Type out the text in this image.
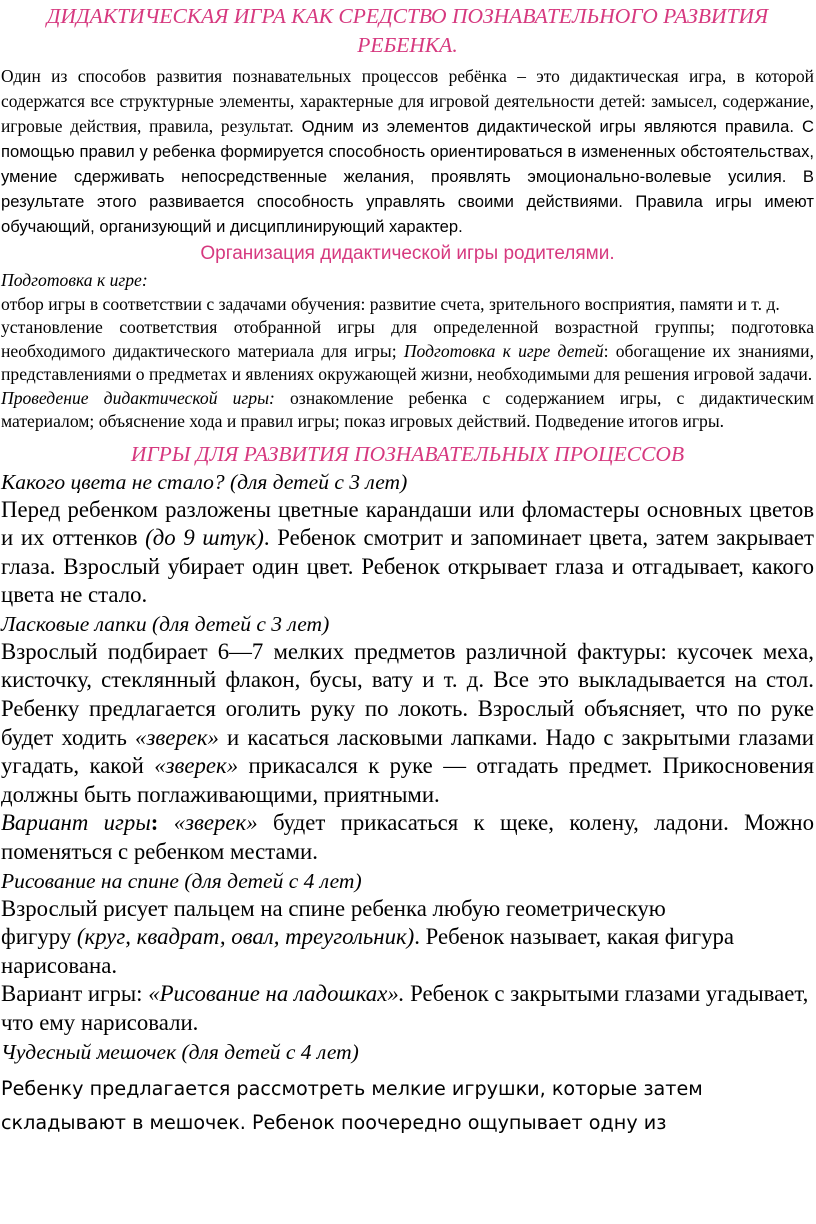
ДИДАКТИЧЕСКАЯ ИГРА КАК СРЕДСТВО ПОЗНАВАТЕЛЬНОГО РАЗВИТИЯ РЕБЕНКА.

Один из способов развития познавательных процессов ребёнка – это дидактическая игра, в которой содержатся все структурные элементы, характерные для игровой деятельности детей: замысел, содержание, игровые действия, правила, результат. Одним из элементов дидактической игры являются правила. С помощью правил у ребенка формируется способность ориентироваться в измененных обстоятельствах, умение сдерживать непосредственные желания, проявлять эмоционально-волевые усилия. В результате этого развивается способность управлять своими действиями. Правила игры имеют обучающий, организующий и дисциплинирующий характер.

Организация дидактической игры родителями.

Подготовка к игре:

отбор игры в соответствии с задачами обучения: развитие счета, зрительного восприятия, памяти и т. д.

установление соответствия отобранной игры для определенной возрастной группы; подготовка необходимого дидактического материала для игры; Подготовка к игре детей: обогащение их знаниями, представлениями о предметах и явлениях окружающей жизни, необходимыми для решения игровой задачи.

Проведение дидактической игры: ознакомление ребенка с содержанием игры, с дидактическим материалом; объяснение хода и правил игры; показ игровых действий. Подведение итогов игры.

ИГРЫ ДЛЯ РАЗВИТИЯ ПОЗНАВАТЕЛЬНЫХ ПРОЦЕССОВ

Какого цвета не стало? (для детей с 3 лет)

Перед ребенком разложены цветные карандаши или фломастеры основных цветов и их оттенков (до 9 штук). Ребенок смотрит и запоминает цвета, затем закрывает глаза. Взрослый убирает один цвет. Ребенок открывает глаза и отгадывает, какого цвета не стало.

Ласковые лапки (для детей с 3 лет)

Взрослый подбирает 6—7 мелких предметов различной фактуры: кусочек меха, кисточку, стеклянный флакон, бусы, вату и т. д. Все это выкладывается на стол. Ребенку предлагается оголить руку по локоть. Взрослый объясняет, что по руке будет ходить «зверек» и касаться ласковыми лапками. Надо с закрытыми глазами угадать, какой «зверек» прикасался к руке — отгадать предмет. Прикосновения должны быть поглаживающими, приятными.

Вариант игры: «зверек» будет прикасаться к щеке, колену, ладони. Можно поменяться с ребенком местами.

Рисование на спине (для детей с 4 лет)

Взрослый рисует пальцем на спине ребенка любую геометрическую

фигуру (круг, квадрат, овал, треугольник). Ребенок называет, какая фигура нарисована.

Вариант игры: «Рисование на ладошках». Ребенок с закрытыми глазами угадывает, что ему нарисовали.

Чудесный мешочек (для детей с 4 лет)

Ребенку предлагается рассмотреть мелкие игрушки, которые затем складывают в мешочек. Ребенок поочередно ощупывает одну из
